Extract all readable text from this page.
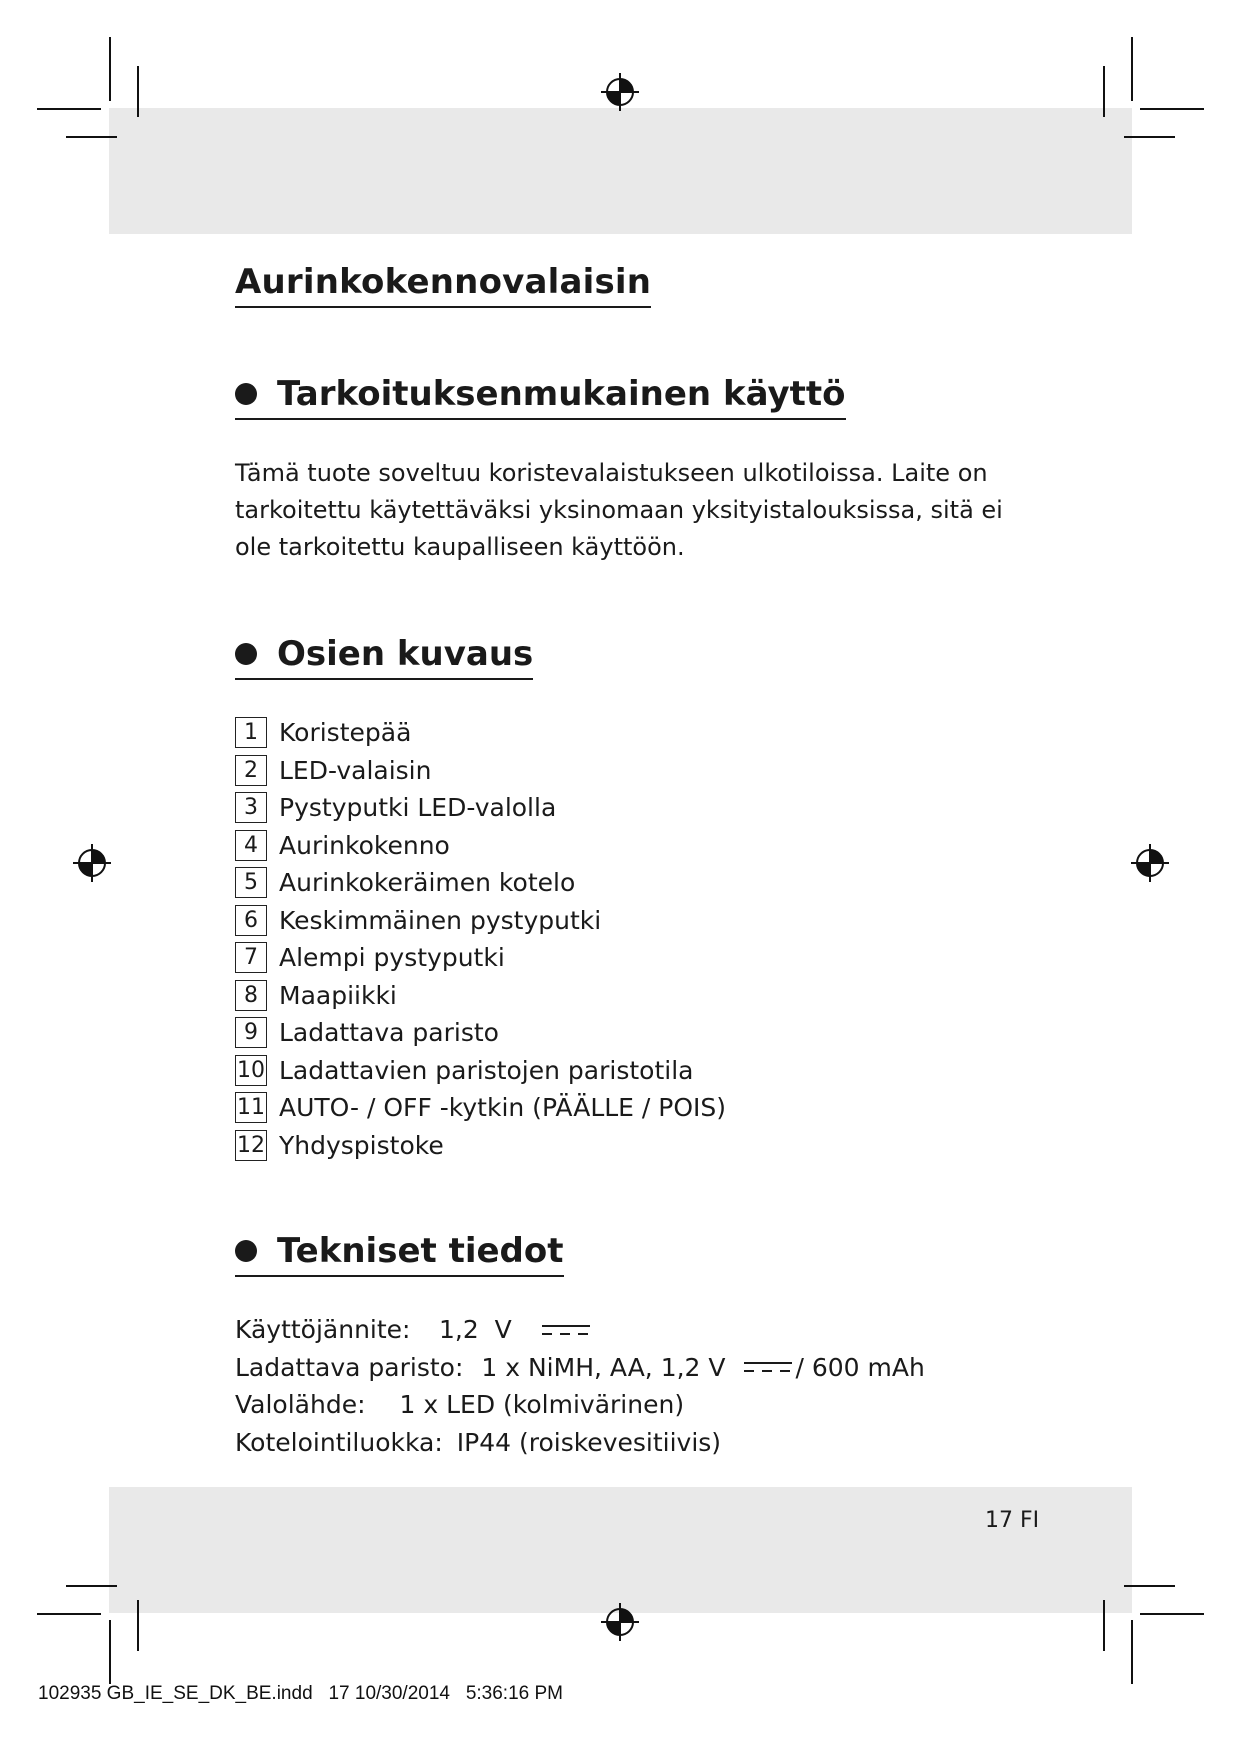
Aurinkokennovalaisin
Tarkoituksenmukainen käyttö

Tämä tuote soveltuu koristevalaistukseen ulkotiloissa. Laite on tarkoitettu käytettäväksi yksinomaan yksityistalouksissa, sitä ei ole tarkoitettu kaupalliseen käyttöön.

Osien kuvaus
1 Koristepää
2 LED-valaisin
3 Pystyputki LED-valolla
4 Aurinkokenno
5 Aurinkokeräimen kotelo
6 Keskimmäinen pystyputki
7 Alempi pystyputki
8 Maapiikki
9 Ladattava paristo
10 Ladattavien paristojen paristotila
11 AUTO- / OFF -kytkin (PÄÄLLE / POIS)
12 Yhdyspistoke
Tekniset tiedot
Käyttöjännite:	1,2  V
Ladattava paristo: 1 x NiMH, AA, 1,2 V	/ 600 mAh
Valolähde: 1 x LED (kolmivärinen)
Kotelointiluokka: IP44 (roiskevesitiivis)
17 FI
102935 GB_IE_SE_DK_BE.indd   17 10/30/2014   5:36:16 PM
